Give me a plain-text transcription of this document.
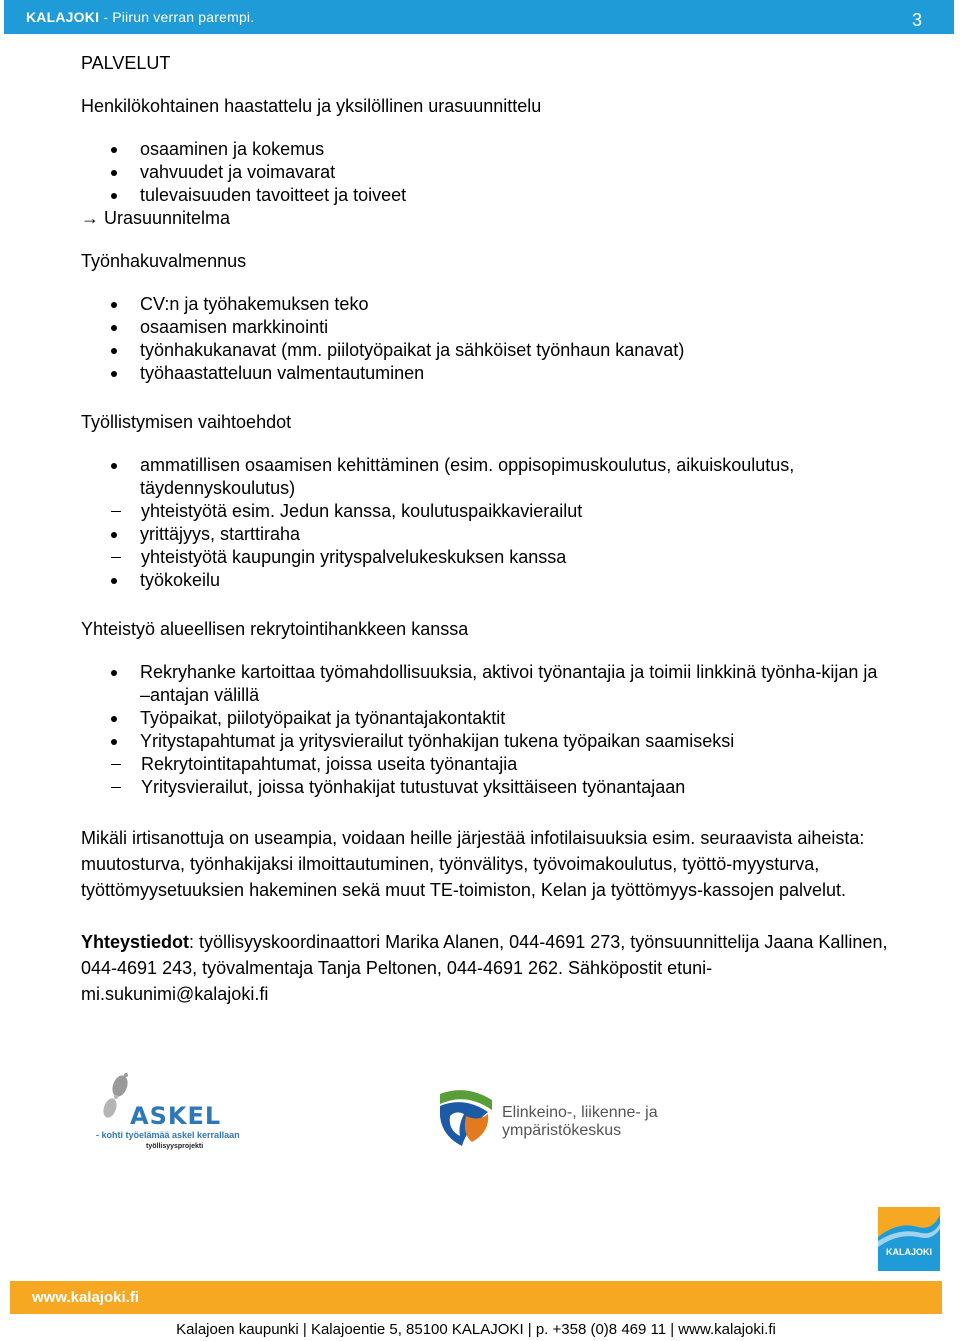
KALAJOKI - Piirun verran parempi.	3
PALVELUT
Henkilökohtainen haastattelu ja yksilöllinen urasuunnittelu
osaaminen ja kokemus
vahvuudet ja voimavarat
tulevaisuuden tavoitteet ja toiveet
→ Urasuunnitelma
Työnhakuvalmennus
CV:n ja työhakemuksen teko
osaamisen markkinointi
työnhakukanavat (mm. piilotyöpaikat ja sähköiset työnhaun kanavat)
työhaastatteluun valmentautuminen
Työllistymisen vaihtoehdot
ammatillisen osaamisen kehittäminen (esim. oppisopimuskoulutus, aikuiskoulutus, täydennyskoulutus)
yhteistyötä esim. Jedun kanssa, koulutuspaikkavierailut
yrittäjyys, starttiraha
yhteistyötä kaupungin yrityspalvelukeskuksen kanssa
työkokeilu
Yhteistyö alueellisen rekrytointihankkeen kanssa
Rekryhanke kartoittaa työmahdollisuuksia, aktivoi työnantajia ja toimii linkkinä työnha-kijan ja –antajan välillä
Työpaikat, piilotyöpaikat ja työnantajakontaktit
Yritystapahtumat ja yritysvierailut työnhakijan tukena työpaikan saamiseksi
Rekrytointitapahtumat, joissa useita työnantajia
Yritysvierailut, joissa työnhakijat tutustuvat yksittäiseen työnantajaan

Mikäli irtisanottuja on useampia, voidaan heille järjestää infotilaisuuksia esim. seuraavista aiheista: muutosturva, työnhakijaksi ilmoittautuminen, työnvälitys, työvoimakoulutus, työttö-myysturva, työttömyysetuuksien hakeminen sekä muut TE-toimiston, Kelan ja työttömyys-kassojen palvelut.

Yhteystiedot: työllisyyskoordinaattori Marika Alanen, 044-4691 273, työnsuunnittelija Jaana Kallinen, 044-4691 243, työvalmentaja Tanja Peltonen, 044-4691 262. Sähköpostit etuni-mi.sukunimi@kalajoki.fi

ASKEL
- kohti työelämää askel kerrallaan
työllisyysprojekti
Elinkeino-, liikenne- ja
ympäristökeskus
KALAJOKI
www.kalajoki.fi
Kalajoen kaupunki | Kalajoentie 5, 85100 KALAJOKI | p. +358 (0)8 469 11 | www.kalajoki.fi
